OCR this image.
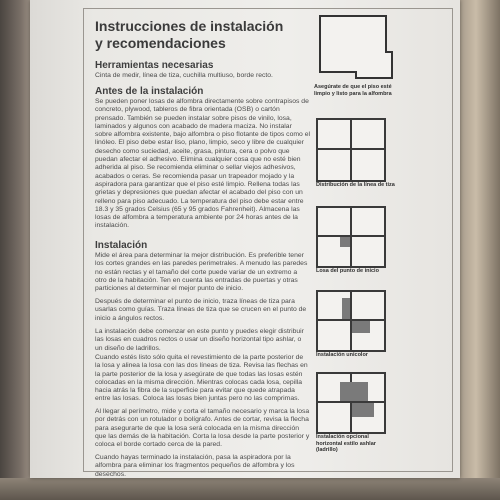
Instrucciones de instalación
y recomendaciones
Herramientas necesarias
Cinta de medir, línea de tiza, cuchilla multiuso, borde recto.
Antes de la instalación
Se pueden poner losas de alfombra directamente sobre contrapisos de concreto, plywood, tableros de fibra orientada (OSB) o cartón prensado. También se pueden instalar sobre pisos de vinilo, losa, laminados y algunos con acabado de madera maciza. No instalar sobre alfombra existente, bajo alfombra o piso flotante de tipos como el linóleo. El piso debe estar liso, plano, limpio, seco y libre de cualquier desecho como suciedad, aceite, grasa, pintura, cera o polvo que puedan afectar el adhesivo. Elimina cualquier cosa que no esté bien adherida al piso. Se recomienda eliminar o sellar viejos adhesivos, acabados o ceras. Se recomienda pasar un trapeador mojado y la aspiradora para garantizar que el piso esté limpio. Rellena todas las grietas y depresiones que puedan afectar el acabado del piso con un relleno para piso adecuado. La temperatura del piso debe estar entre 18.3 y 35 grados Celsius (65 y 95 grados Fahrenheit). Almacena las losas de alfombra a temperatura ambiente por 24 horas antes de la instalación.
Instalación
Mide el área para determinar la mejor distribución. Es preferible tener los cortes grandes en las paredes perimetrales. A menudo las paredes no están rectas y el tamaño del corte puede variar de un extremo a otro de la habitación. Ten en cuenta las entradas de puertas y otras particiones al determinar el mejor punto de inicio.
Después de determinar el punto de inicio, traza líneas de tiza para usarlas como guías. Traza líneas de tiza que se crucen en el punto de inicio a ángulos rectos.
La instalación debe comenzar en este punto y puedes elegir distribuir las losas en cuadros rectos o usar un diseño horizontal tipo ashlar, o un diseño de ladrillos.
Cuando estés listo sólo quita el revestimiento de la parte posterior de la losa y alinea la losa con las dos líneas de tiza. Revisa las flechas en la parte posterior de la losa y asegúrate de que todas las losas estén colocadas en la misma dirección. Mientras colocas cada losa, cepilla hacia atrás la fibra de la superficie para evitar que quede atrapada entre las losas. Coloca las losas bien juntas pero no las comprimas.
Al llegar al perímetro, mide y corta el tamaño necesario y marca la losa por detrás con un rotulador o bolígrafo. Antes de cortar, revisa la flecha para asegurarte de que la losa será colocada en la misma dirección que las demás de la habitación. Corta la losa desde la parte posterior y coloca el borde cortado cerca de la pared.
Cuando hayas terminado la instalación, pasa la aspiradora por la alfombra para eliminar los fragmentos pequeños de alfombra y los desechos.
Asegúrate de que el piso esté limpio y listo para la alfombra
Distribución de la línea de tiza
Losa del punto de inicio
Instalación unicolor
Instalación opcional horizontal estilo ashlar (ladrillo)
